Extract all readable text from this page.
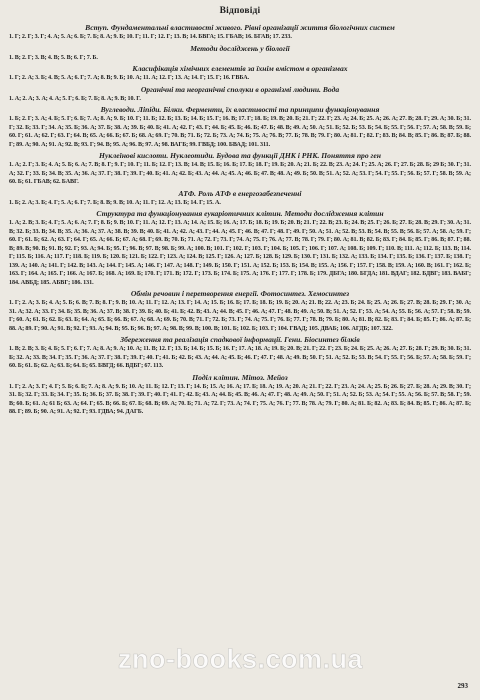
Відповіді
Вступ. Фундаментальні властивості живого. Рівні організації життя біологічних систем
1. Г; 2. Г; 3. Г; 4. А; 5. А; 6. Б; 7. Б; 8. А; 9. Б; 10. Г; 11. Г; 12. Г; 13. В; 14. БВГА; 15. ГБАВ; 16. БГАВ; 17. 233.
Методи досліджень у біології
1. В; 2. Г; 3. В; 4. В; 5. В; 6. Г; 7. Б.
Класифікація хімічних елементів за їхнім вмістом в організмах
1. Г; 2. А; 3. Б; 4. В; 5. А; 6. Г; 7. А; 8. В; 9. Б; 10. А; 11. А; 12. Г; 13. А; 14. Г; 15. Г; 16. ГВБА.
Органічні та неорганічні сполуки в організмі людини. Вода
1. А; 2. А; 3. А; 4. А; 5. Г; 6. Б; 7. Б; 8. А; 9. В; 10. Г.
Вуглеводи. Ліпіди. Білки. Ферменти, їх властивості та принципи функціонування
1. Б; 2. Г; 3. А; 4. Б; 5. Г; 6. Б; 7. А; 8. А; 9. Б; 10. Г; 11. Б; 12. Б; 13. Б; 14. Б; 15. Г; 16. В; 17. Г; 18. Б; 19. В; 20. Б; 21. Г; 22. Г; 23. А; 24. Б; 25. А; 26. А; 27. В; 28. Г; 29. А; 30. Б; 31. Г; 32. Б; 33. Г; 34. А; 35. Б; 36. А; 37. Б; 38. А; 39. Б; 40. Б; 41. А; 42. Г; 43. Г; 44. Б; 45. Б; 46. Б; 47. Б; 48. В; 49. А; 50. А; 51. Б; 52. Б; 53. Б; 54. Б; 55. Г; 56. Г; 57. А; 58. В; 59. Б; 60. Г; 61. А; 62. Г; 63. Г; 64. В; 65. А; 66. Б; 67. Б; 68. А; 69. Г; 70. В; 71. Б; 72. Б; 73. А; 74. Б; 75. А; 76. В; 77. Б; 78. В; 79. Г; 80. А; 81. Г; 82. Г; 83. В; 84. В; 85. Г; 86. В; 87. Б; 88. Г; 89. А; 90. А; 91. А; 92. В; 93. Г; 94. В; 95. А; 96. В; 97. А; 98. ВАГБ; 99. ГВБД; 100. БВАД; 101. 311.
Нуклеїнові кислоти. Нуклеотиди. Будова та функції ДНК і РНК. Поняття про ген
1. А; 2. Г; 3. Б; 4. А; 5. Б; 6. А; 7. В; 8. Г; 9. Г; 10. Г; 11. Б; 12. Г; 13. В; 14. В; 15. Б; 16. Б; 17. Б; 18. Г; 19. Б; 20. А; 21. Б; 22. В; 23. А; 24. Г; 25. А; 26. Г; 27. Б; 28. Б; 29 Б; 30. Г; 31. А; 32. Г; 33. Б; 34. В; 35. А; 36. А; 37. Г; 38. Г; 39. Г; 40. Б; 41. А; 42. Б; 43. А; 44. А; 45. А; 46. Б; 47. В; 48. А; 49. Б; 50. В; 51. А; 52. А; 53. Г; 54. Г; 55. Г; 56. Б; 57. Г; 58. В; 59. А; 60. Б; 61. ГБАВ; 62. БАВГ.
АТФ. Роль АТФ в енергозабезпеченні
1. Б; 2. А; 3. Б; 4. Г; 5. А; 6. Г; 7. Б; 8. В; 9. В; 10. А; 11. Г; 12. А; 13. Б; 14. Г; 15. А.
Структура та функціонування еукаріотичних клітин. Методи дослідження клітин
1. А; 2. В; 3. Б; 4. Г; 5. А; 6. А; 7. Г; 8. Б; 9. В; 10. Г; 11. А; 12. Г; 13. А; 14. А; 15. Б; 16. А; 17. Б; 18. Б; 19. Б; 20. В; 21. Г; 22. В; 23. Б; 24. В; 25. Г; 26. Б; 27. Б; 28. В; 29. Г; 30. А; 31. В; 32. Б; 33. В; 34. В; 35. А; 36. А; 37. А; 38. В; 39. В; 40. Б; 41. А; 42. А; 43. Г; 44. А; 45. Г; 46. В; 47. Г; 48. Г; 49. Г; 50. А; 51. А; 52. В; 53. В; 54. В; 55. В; 56. Б; 57. А; 58. А; 59. Г; 60. Г; 61. Б; 62. А; 63. Г; 64. Г; 65. А; 66. Б; 67. А; 68. Г; 69. В; 70. Б; 71. А; 72. Г; 73. Г; 74. А; 75. Г; 76. А; 77. В; 78. Г; 79. Г; 80. А; 81. В; 82. Б; 83. Г; 84. Б; 85. Г; 86. В; 87. Г; 88. В; 89. В; 90. В; 91. В; 92. Г; 93. А; 94. Б; 95. Г; 96. В; 97. В; 98. Б; 99. А; 100. В; 101. Г; 102. Г; 103. Г; 104. Б; 105. Г; 106. Г; 107. А; 108. Б; 109. Г; 110. В; 111. А; 112. Б; 113. В; 114. Г; 115. Б; 116. А; 117. Г; 118. Б; 119. Б; 120. Б; 121. Б; 122. Г; 123. А; 124. В; 125. Г; 126. А; 127. Б; 128. Б; 129. Б; 130. Г; 131. Б; 132. А; 133. Б; 134. Г; 135. Б; 136. Г; 137. Б; 138. Г; 139. А; 140. А; 141. Г; 142. В; 143. А; 144. Г; 145. А; 146. Г; 147. А; 148. Г; 149. Б; 150. Г; 151. А; 152. Б; 153. Б; 154. В; 155. А; 156. Г; 157. Г; 158. В; 159. А; 160. В; 161. Г; 162. Б; 163. Г; 164. А; 165. Г; 166. А; 167. Б; 168. А; 169. Б; 170. Г; 171. В; 172. Г; 173. Б; 174. Б; 175. А; 176. Г; 177. Г; 178. Б; 179. ДБГА; 180. БГДА; 181. ВДАГ; 182. БДВГ; 183. ВАБГ; 184. АВБД; 185. АБВГ; 186. 131.
Обмін речовин і перетворення енергії. Фотосинтез. Хемосинтез
1. Г; 2. А; 3. Б; 4. А; 5. Б; 6. В; 7. В; 8. Г; 9. В; 10. А; 11. Г; 12. А; 13. Г; 14. А; 15. Б; 16. Б; 17. Б; 18. Б; 19. Б; 20. А; 21. В; 22. А; 23. Б; 24. Б; 25. А; 26. Б; 27. В; 28. Б; 29. Г; 30. А; 31. А; 32. А; 33. Г; 34. Б; 35. В; 36. А; 37. В; 38. Г; 39. Б; 40. Б; 41. Б; 42. В; 43. А; 44. В; 45. Г; 46. А; 47. Г; 48. В; 49. А; 50. В; 51. А; 52. Г; 53. А; 54. А; 55. Б; 56. А; 57. Г; 58. В; 59. Г; 60. А; 61. Б; 62. Б; 63. Б; 64. А; 65. Б; 66. В; 67. А; 68. А; 69. Б; 70. В; 71. Г; 72. Б; 73. Г; 74. А; 75. Г; 76. Б; 77. Г; 78. В; 79. Б; 80. А; 81. В; 82. Б; 83. Г; 84. Б; 85. Г; 86. А; 87. Б; 88. А; 89. Г; 90. А; 91. В; 92. Г; 93. А; 94. В; 95. Б; 96. В; 97. А; 98. В; 99. В; 100. В; 101. Б; 102. Б; 103. Г; 104. ГВАД; 105. ДВАБ; 106. АГДБ; 107. 322.
Збереження та реалізація спадкової інформації. Гени. Біосинтез білків
1. В; 2. В; 3. Б; 4. Б; 5. Г; 6. Г; 7. А; 8. А; 9. А; 10. А; 11. В; 12. Г; 13. Б; 14. Б; 15. Б; 16. Г; 17. А; 18. А; 19. Б; 20. В; 21. Г; 22. Г; 23. Б; 24. Б; 25. А; 26. А; 27. Б; 28. Г; 29. В; 30. Б; 31. Б; 32. А; 33. В; 34. Г; 35. Г; 36. А; 37. Г; 38. Г; 39. Г; 40. Г; 41. Б; 42. Б; 43. А; 44. А; 45. Б; 46. Г; 47. Г; 48. А; 49. В; 50. Г; 51. А; 52. Б; 53. В; 54. Г; 55. Г; 56. Б; 57. А; 58. Б; 59. Г; 60. Б; 61. Б; 62. А; 63. Б; 64. Б; 65. БВГД; 66. ВДБГ; 67. 113.
Поділ клітин. Мітоз. Мейоз
1. Г; 2. А; 3. Г; 4. Г; 5. Б; 6. Б; 7. А; 8. А; 9. Б; 10. А; 11. Б; 12. Г; 13. Г; 14. Б; 15. А; 16. А; 17. Б; 18. А; 19. А; 20. А; 21. Г; 22. Г; 23. А; 24. А; 25. Б; 26. Б; 27. Б; 28. А; 29. В; 30. Г; 31. Б; 32. Г; 33. Б; 34. Г; 35. Б; 36. Б; 37. Б; 38. Г; 39. Г; 40. Г; 41. Г; 42. Б; 43. А; 44. Б; 45. В; 46. А; 47. Г; 48. А; 49. А; 50. Г; 51. А; 52. Б; 53. А; 54. Г; 55. А; 56. Б; 57. В; 58. Г; 59. В; 60. Б; 61. А; 61 Б; 63. А; 64. Г; 65. В; 66. Б; 67. Б; 68. В; 69. А; 70. Б; 71. А; 72. Г; 73. А; 74. Г; 75. А; 76. Г; 77. В; 78. А; 79. Г; 80. А; 81. Б; 82. А; 83. Б; 84. В; 85. Г; 86. А; 87. Б; 88. Г; 89. Б; 90. А; 91. А; 92. Г; 93. ГДВА; 94. ДАГБ.
zno-books.com.ua
293
